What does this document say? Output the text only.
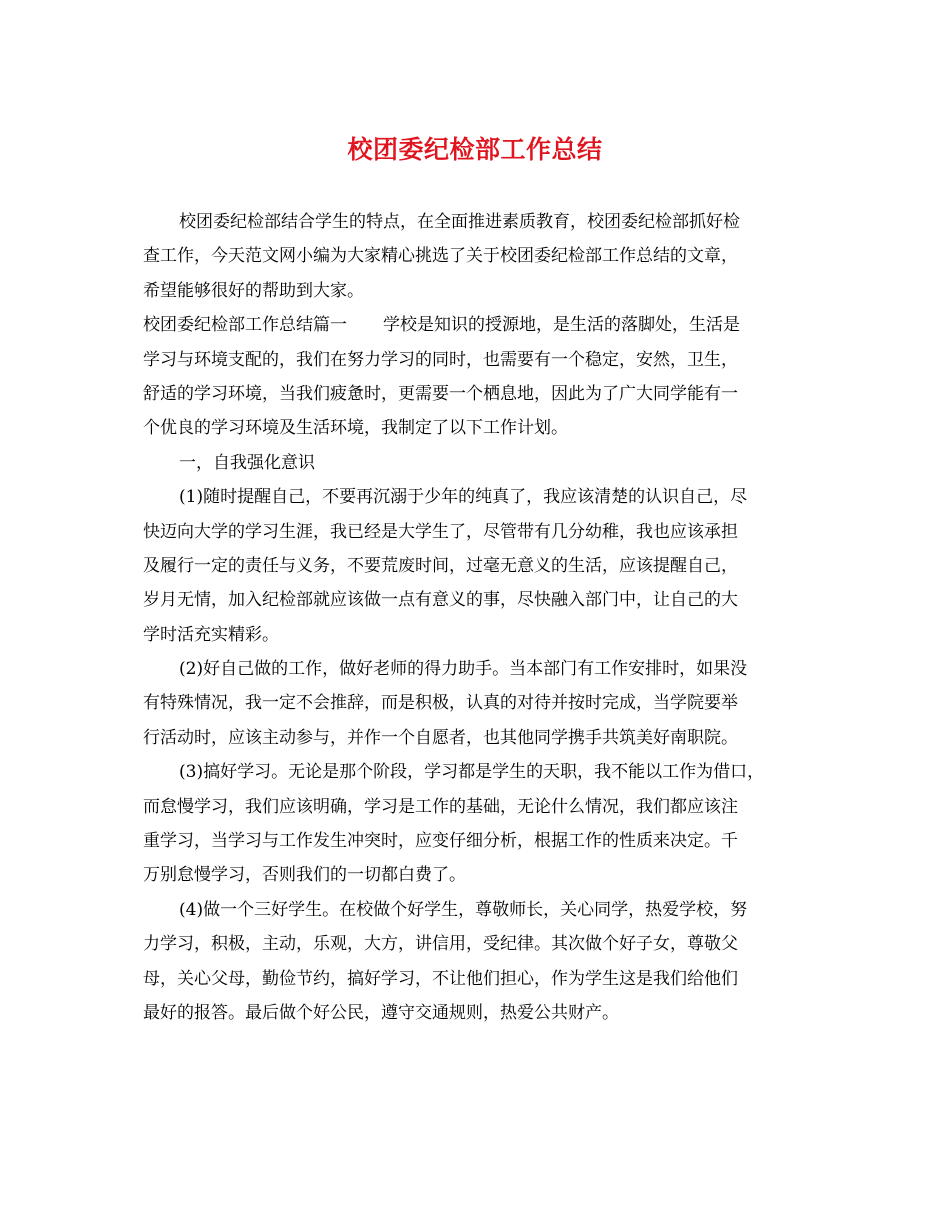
校团委纪检部工作总结
校团委纪检部结合学生的特点，在全面推进素质教育，校团委纪检部抓好检
查工作，今天范文网小编为大家精心挑选了关于校团委纪检部工作总结的文章，
希望能够很好的帮助到大家。
校团委纪检部工作总结篇一 学校是知识的授源地，是生活的落脚处，生活是
学习与环境支配的，我们在努力学习的同时，也需要有一个稳定，安然，卫生，
舒适的学习环境，当我们疲惫时，更需要一个栖息地，因此为了广大同学能有一
个优良的学习环境及生活环境，我制定了以下工作计划。
一，自我强化意识
(1)随时提醒自己，不要再沉溺于少年的纯真了，我应该清楚的认识自己，尽
快迈向大学的学习生涯，我已经是大学生了，尽管带有几分幼稚，我也应该承担
及履行一定的责任与义务，不要荒废时间，过毫无意义的生活，应该提醒自己，
岁月无情，加入纪检部就应该做一点有意义的事，尽快融入部门中，让自己的大
学时活充实精彩。
(2)好自己做的工作，做好老师的得力助手。当本部门有工作安排时，如果没
有特殊情况，我一定不会推辞，而是积极，认真的对待并按时完成，当学院要举
行活动时，应该主动参与，并作一个自愿者，也其他同学携手共筑美好南职院。
(3)搞好学习。无论是那个阶段，学习都是学生的天职，我不能以工作为借口，
而怠慢学习，我们应该明确，学习是工作的基础，无论什么情况，我们都应该注
重学习，当学习与工作发生冲突时，应变仔细分析，根据工作的性质来决定。千
万别怠慢学习，否则我们的一切都白费了。
(4)做一个三好学生。在校做个好学生，尊敬师长，关心同学，热爱学校，努
力学习，积极，主动，乐观，大方，讲信用，受纪律。其次做个好子女，尊敬父
母，关心父母，勤俭节约，搞好学习，不让他们担心，作为学生这是我们给他们
最好的报答。最后做个好公民，遵守交通规则，热爱公共财产。
